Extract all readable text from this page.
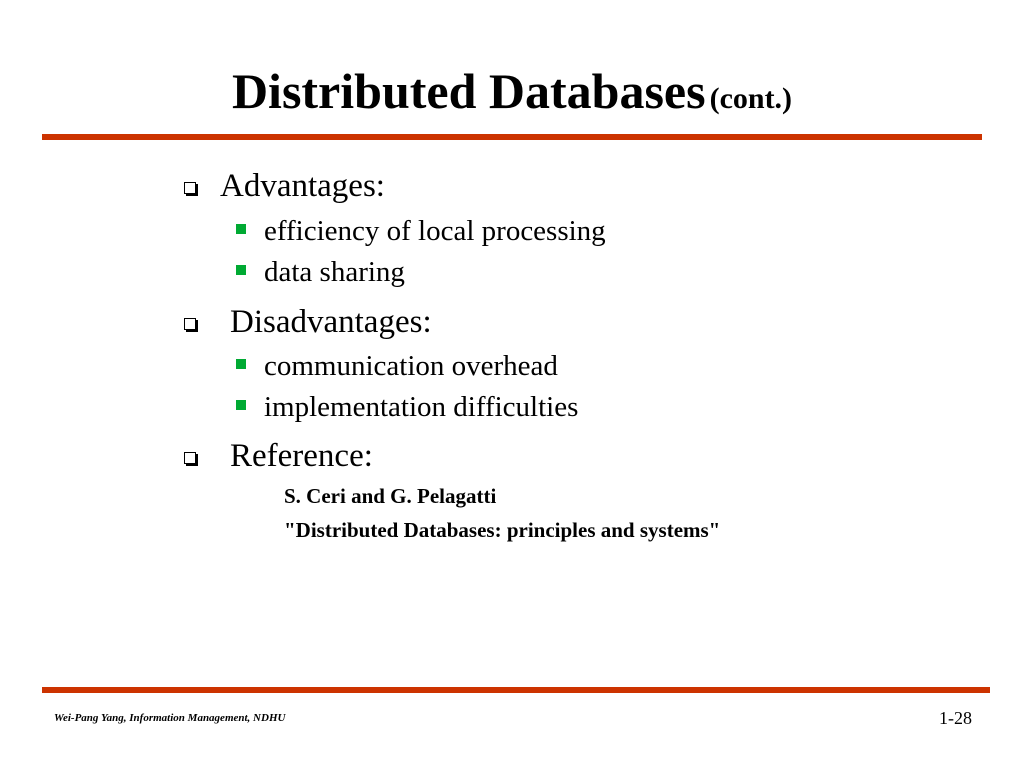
Distributed Databases (cont.)
Advantages:
efficiency of local processing
data sharing
Disadvantages:
communication overhead
implementation difficulties
Reference:
S. Ceri and G. Pelagatti
"Distributed Databases: principles and systems"
Wei-Pang Yang, Information Management, NDHU	1-28
